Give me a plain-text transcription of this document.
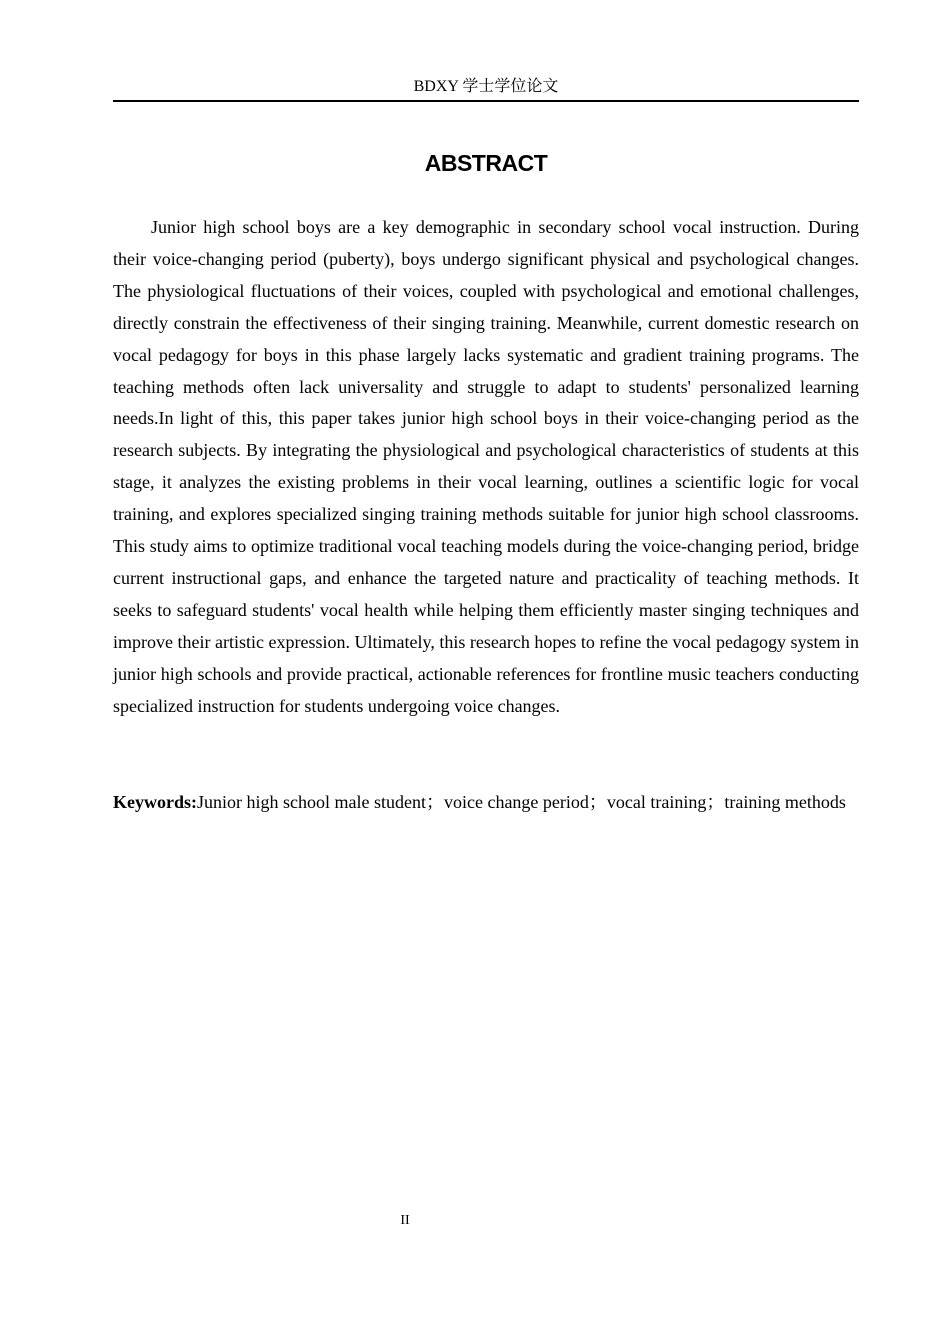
BDXY 学士学位论文
ABSTRACT

Junior high school boys are a key demographic in secondary school vocal instruction. During their voice-changing period (puberty), boys undergo significant physical and psychological changes. The physiological fluctuations of their voices, coupled with psychological and emotional challenges, directly constrain the effectiveness of their singing training. Meanwhile, current domestic research on vocal pedagogy for boys in this phase largely lacks systematic and gradient training programs. The teaching methods often lack universality and struggle to adapt to students' personalized learning needs.In light of this, this paper takes junior high school boys in their voice-changing period as the research subjects. By integrating the physiological and psychological characteristics of students at this stage, it analyzes the existing problems in their vocal learning, outlines a scientific logic for vocal training, and explores specialized singing training methods suitable for junior high school classrooms. This study aims to optimize traditional vocal teaching models during the voice-changing period, bridge current instructional gaps, and enhance the targeted nature and practicality of teaching methods. It seeks to safeguard students' vocal health while helping them efficiently master singing techniques and improve their artistic expression. Ultimately, this research hopes to refine the vocal pedagogy system in junior high schools and provide practical, actionable references for frontline music teachers conducting specialized instruction for students undergoing voice changes.

Keywords:Junior high school male student；voice change period；vocal training；training methods

II
